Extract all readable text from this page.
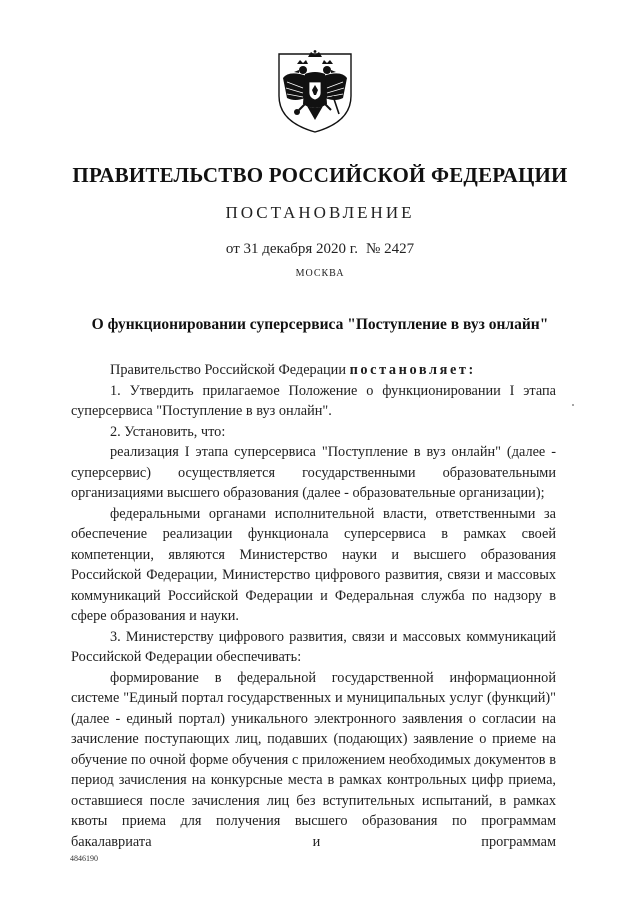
ПРАВИТЕЛЬСТВО РОССИЙСКОЙ ФЕДЕРАЦИИ
ПОСТАНОВЛЕНИЕ
от 31 декабря 2020 г. № 2427
МОСКВА
О функционировании суперсервиса "Поступление в вуз онлайн"

Правительство Российской Федерации постановляет:

1. Утвердить прилагаемое Положение о функционировании I этапа суперсервиса "Поступление в вуз онлайн".

2. Установить, что:

реализация I этапа суперсервиса "Поступление в вуз онлайн" (далее - суперсервис) осуществляется государственными образовательными организациями высшего образования (далее - образовательные организации);

федеральными органами исполнительной власти, ответственными за обеспечение реализации функционала суперсервиса в рамках своей компетенции, являются Министерство науки и высшего образования Российской Федерации, Министерство цифрового развития, связи и массовых коммуникаций Российской Федерации и Федеральная служба по надзору в сфере образования и науки.

3. Министерству цифрового развития, связи и массовых коммуникаций Российской Федерации обеспечивать:

формирование в федеральной государственной информационной системе "Единый портал государственных и муниципальных услуг (функций)" (далее - единый портал) уникального электронного заявления о согласии на зачисление поступающих лиц, подавших (подающих) заявление о приеме на обучение по очной форме обучения с приложением необходимых документов в период зачисления на конкурсные места в рамках контрольных цифр приема, оставшиеся после зачисления лиц без вступительных испытаний, в рамках квоты приема для получения высшего образования по программам бакалавриата и программам

4846190
